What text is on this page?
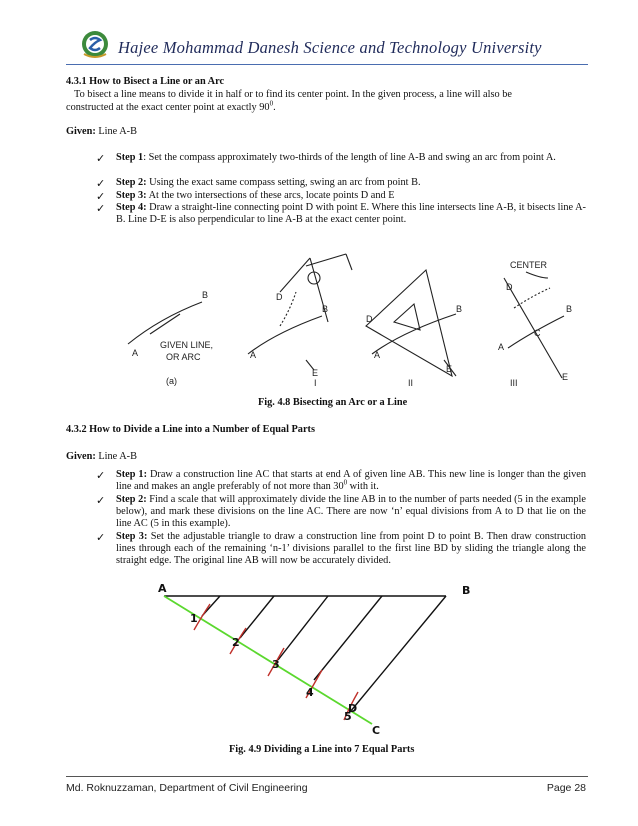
Hajee Mohammad Danesh Science and Technology University
4.3.1 How to Bisect a Line or an Arc
To bisect a line means to divide it in half or to find its center point. In the given process, a line will also be
constructed at the exact center point at exactly $90^0$.
Given: Line A-B
✓ Step 1: Set the compass approximately two-thirds of the length of line A-B and swing an arc from point A.
✓ Step 2: Using the exact same compass setting, swing an arc from point B.
✓ Step 3: At the two intersections of these arcs, locate points D and E
✓ Step 4: Draw a straight-line connecting point D with point E. Where this line intersects line A-B, it bisects line A-B. Line D-E is also perpendicular to line A-B at the exact center point.
A
B
GIVEN LINE,
OR ARC
(a)
A
B
D
E
I
A
B
D
E
II
CENTER
A
B
C
D
E
III
Fig. 4.8 Bisecting an Arc or a Line
4.3.2 How to Divide a Line into a Number of Equal Parts
Given: Line A-B
✓ Step 1: Draw a construction line AC that starts at end A of given line AB. This new line is longer than the given line and makes an angle preferably of not more than $30^0$ with it.
✓ Step 2: Find a scale that will approximately divide the line AB in to the number of parts needed (5 in the example below), and mark these divisions on the line AC. There are now ‘n’ equal divisions from A to D that lie on the line AC (5 in this example).
✓ Step 3: Set the adjustable triangle to draw a construction line from point D to point B. Then draw construction lines through each of the remaining ‘n-1’ divisions parallel to the first line BD by sliding the triangle along the straight edge. The original line AB will now be accurately divided.
A	B
1
2
3
4
5
D
C
Fig. 4.9 Dividing a Line into 7 Equal Parts
Md. Roknuzzaman, Department of Civil Engineering	Page 28
